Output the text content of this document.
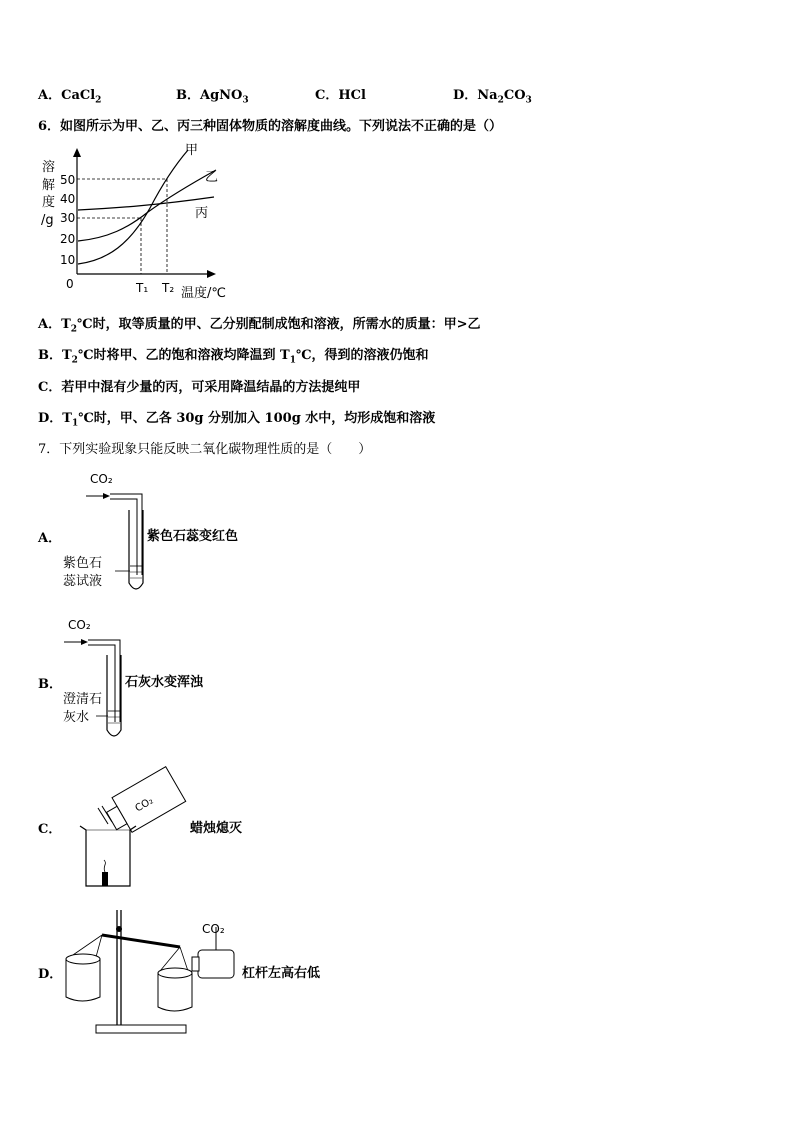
A．CaCl$_2$	B．AgNO$_3$	C．HCl	D．$Na_2CO_3$
6．如图所示为甲、乙、丙三种固体物质的溶解度曲线。下列说法不正确的是（）
溶
解
度
/g
50
40
30
20
10
0
甲
乙
丙
T₁ T₂ 温度/℃
A．$T_2℃$时，取等质量的甲、乙分别配制成饱和溶液，所需水的质量：甲>乙
B．$T_2℃$时将甲、乙的饱和溶液均降温到 $T_1℃$，得到的溶液仍饱和
C．若甲中混有少量的丙，可采用降温结晶的方法提纯甲
D．$T_1℃$时，甲、乙各 30g 分别加入 100g 水中，均形成饱和溶液
7．下列实验现象只能反映二氧化碳物理性质的是（　　）
A．
CO₂
紫色石
蕊试液
紫色石蕊变红色
B．
CO₂
澄清石
灰水
石灰水变浑浊
C．
CO₂
蜡烛熄灭
D．
CO₂
杠杆左高右低
